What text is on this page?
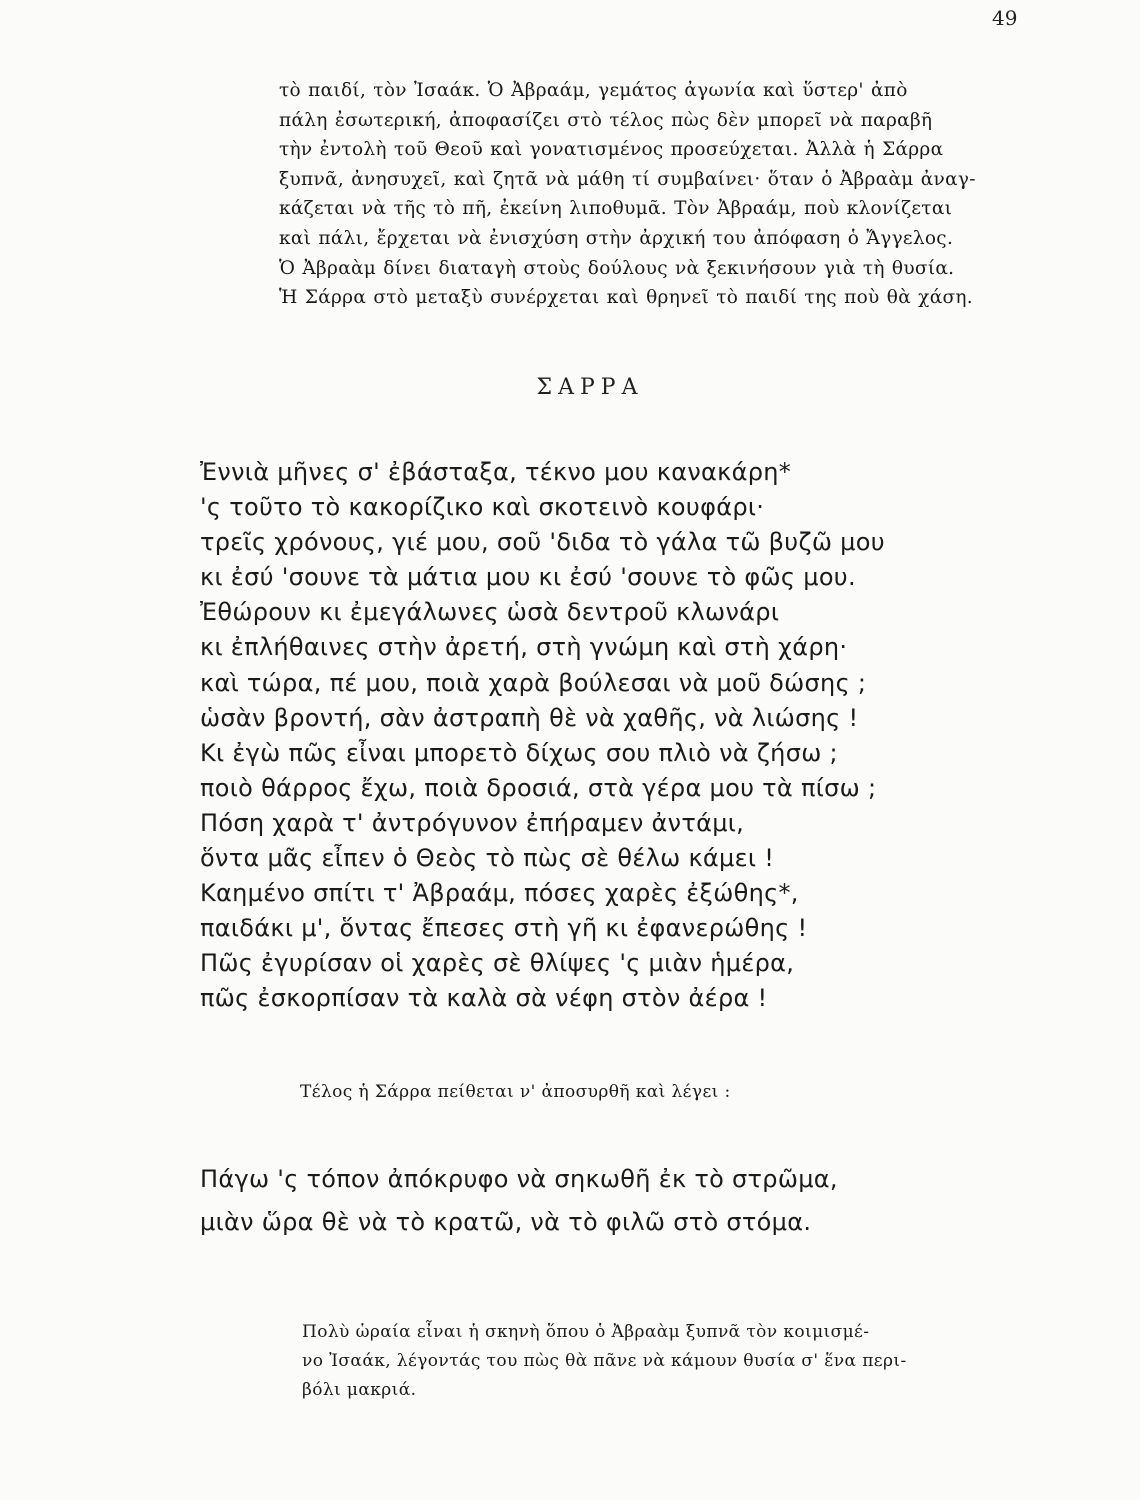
49
τὸ παιδί, τὸν Ἰσαάκ. Ὁ Ἀβραάμ, γεμάτος ἀγωνία καὶ ὕστερ' ἀπὸ
πάλη ἐσωτερική, ἀποφασίζει στὸ τέλος πὼς δὲν μπορεῖ νὰ παραβῆ
τὴν ἐντολὴ τοῦ Θεοῦ καὶ γονατισμένος προσεύχεται. Ἀλλὰ ἡ Σάρρα
ξυπνᾶ, ἀνησυχεῖ, καὶ ζητᾶ νὰ μάθη τί συμβαίνει· ὅταν ὁ Ἀβραὰμ ἀναγ-
κάζεται νὰ τῆς τὸ πῆ, ἐκείνη λιποθυμᾶ. Τὸν Ἀβραάμ, ποὺ κλονίζεται
καὶ πάλι, ἔρχεται νὰ ἐνισχύση στὴν ἀρχική του ἀπόφαση ὁ Ἄγγελος.
Ὁ Ἀβραὰμ δίνει διαταγὴ στοὺς δούλους νὰ ξεκινήσουν γιὰ τὴ θυσία.
Ἡ Σάρρα στὸ μεταξὺ συνέρχεται καὶ θρηνεῖ τὸ παιδί της ποὺ θὰ χάση.
ΣΑΡΡΑ
Ἐννιὰ μῆνες σ' ἐβάσταξα, τέκνο μου κανακάρη*
'ς τοῦτο τὸ κακορίζικο καὶ σκοτεινὸ κουφάρι·
τρεῖς χρόνους, γιέ μου, σοῦ 'διδα τὸ γάλα τῶ βυζῶ μου
κι ἐσύ 'σουνε τὰ μάτια μου κι ἐσύ 'σουνε τὸ φῶς μου.
Ἐθώρουν κι ἐμεγάλωνες ὡσὰ δεντροῦ κλωνάρι
κι ἐπλήθαινες στὴν ἀρετή, στὴ γνώμη καὶ στὴ χάρη·
καὶ τώρα, πέ μου, ποιὰ χαρὰ βούλεσαι νὰ μοῦ δώσης ;
ὡσὰν βροντή, σὰν ἀστραπὴ θὲ νὰ χαθῆς, νὰ λιώσης !
Κι ἐγὼ πῶς εἶναι μπορετὸ δίχως σου πλιὸ νὰ ζήσω ;
ποιὸ θάρρος ἔχω, ποιὰ δροσιά, στὰ γέρα μου τὰ πίσω ;
Πόση χαρὰ τ' ἀντρόγυνον ἐπήραμεν ἀντάμι,
ὅντα μᾶς εἶπεν ὁ Θεὸς τὸ πὼς σὲ θέλω κάμει !
Καημένο σπίτι τ' Ἀβραάμ, πόσες χαρὲς ἐξώθης*,
παιδάκι μ', ὅντας ἔπεσες στὴ γῆ κι ἐφανερώθης !
Πῶς ἐγυρίσαν οἱ χαρὲς σὲ θλίψες 'ς μιὰν ἡμέρα,
πῶς ἐσκορπίσαν τὰ καλὰ σὰ νέφη στὸν ἀέρα !
Τέλος ἡ Σάρρα πείθεται ν' ἀποσυρθῆ καὶ λέγει :
Πάγω 'ς τόπον ἀπόκρυφο νὰ σηκωθῆ ἐκ τὸ στρῶμα,
μιὰν ὥρα θὲ νὰ τὸ κρατῶ, νὰ τὸ φιλῶ στὸ στόμα.
Πολὺ ὡραία εἶναι ἡ σκηνὴ ὅπου ὁ Ἀβραὰμ ξυπνᾶ τὸν κοιμισμέ-
νο Ἰσαάκ, λέγοντάς του πὼς θὰ πᾶνε νὰ κάμουν θυσία σ' ἕνα περι-
βόλι μακριά.
